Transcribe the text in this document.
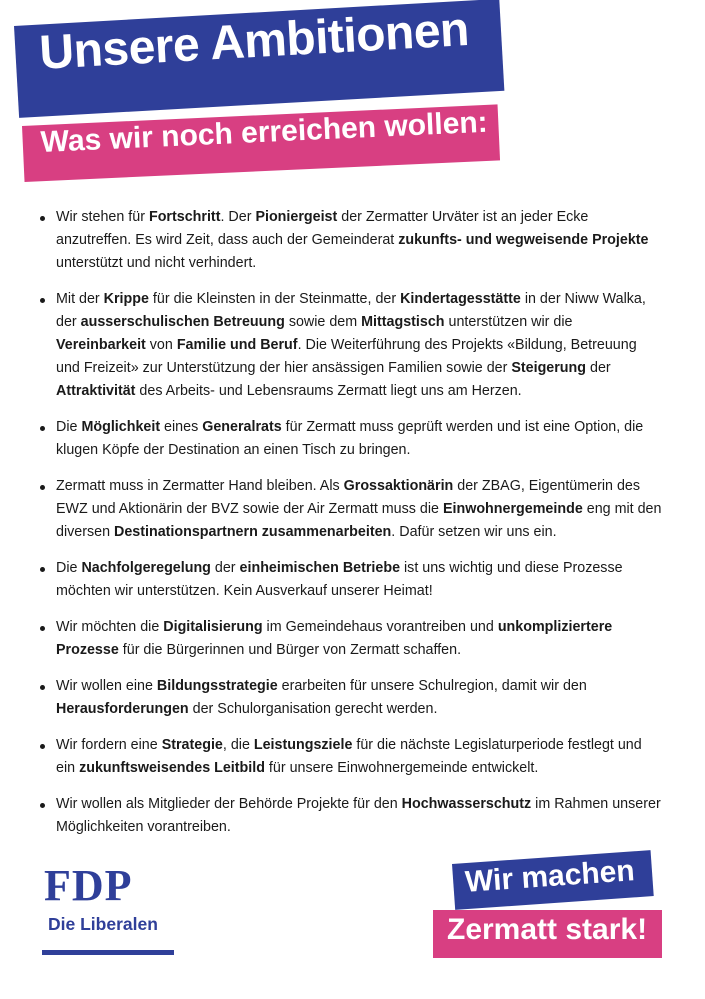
Unsere Ambitionen
Was wir noch erreichen wollen:
Wir stehen für Fortschritt. Der Pioniergeist der Zermatter Urväter ist an jeder Ecke anzutreffen. Es wird Zeit, dass auch der Gemeinderat zukunfts- und wegweisende Projekte unterstützt und nicht verhindert.
Mit der Krippe für die Kleinsten in der Steinmatte, der Kindertagesstätte in der Niww Walka, der ausserschulischen Betreuung sowie dem Mittagstisch unterstützen wir die Vereinbarkeit von Familie und Beruf. Die Weiterführung des Projekts «Bildung, Betreuung und Freizeit» zur Unterstützung der hier ansässigen Familien sowie der Steigerung der Attraktivität des Arbeits- und Lebensraums Zermatt liegt uns am Herzen.
Die Möglichkeit eines Generalrats für Zermatt muss geprüft werden und ist eine Option, die klugen Köpfe der Destination an einen Tisch zu bringen.
Zermatt muss in Zermatter Hand bleiben. Als Grossaktionärin der ZBAG, Eigentümerin des EWZ und Aktionärin der BVZ sowie der Air Zermatt muss die Einwohnergemeinde eng mit den diversen Destinationspartnern zusammenarbeiten. Dafür setzen wir uns ein.
Die Nachfolgeregelung der einheimischen Betriebe ist uns wichtig und diese Prozesse möchten wir unterstützen. Kein Ausverkauf unserer Heimat!
Wir möchten die Digitalisierung im Gemeindehaus vorantreiben und unkompliziertere Prozesse für die Bürgerinnen und Bürger von Zermatt schaffen.
Wir wollen eine Bildungsstrategie erarbeiten für unsere Schulregion, damit wir den Herausforderungen der Schulorganisation gerecht werden.
Wir fordern eine Strategie, die Leistungsziele für die nächste Legislaturperiode festlegt und ein zukunftsweisendes Leitbild für unsere Einwohnergemeinde entwickelt.
Wir wollen als Mitglieder der Behörde Projekte für den Hochwasserschutz im Rahmen unserer Möglichkeiten vorantreiben.
FDP
Die Liberalen
Wir machen
Zermatt stark!
